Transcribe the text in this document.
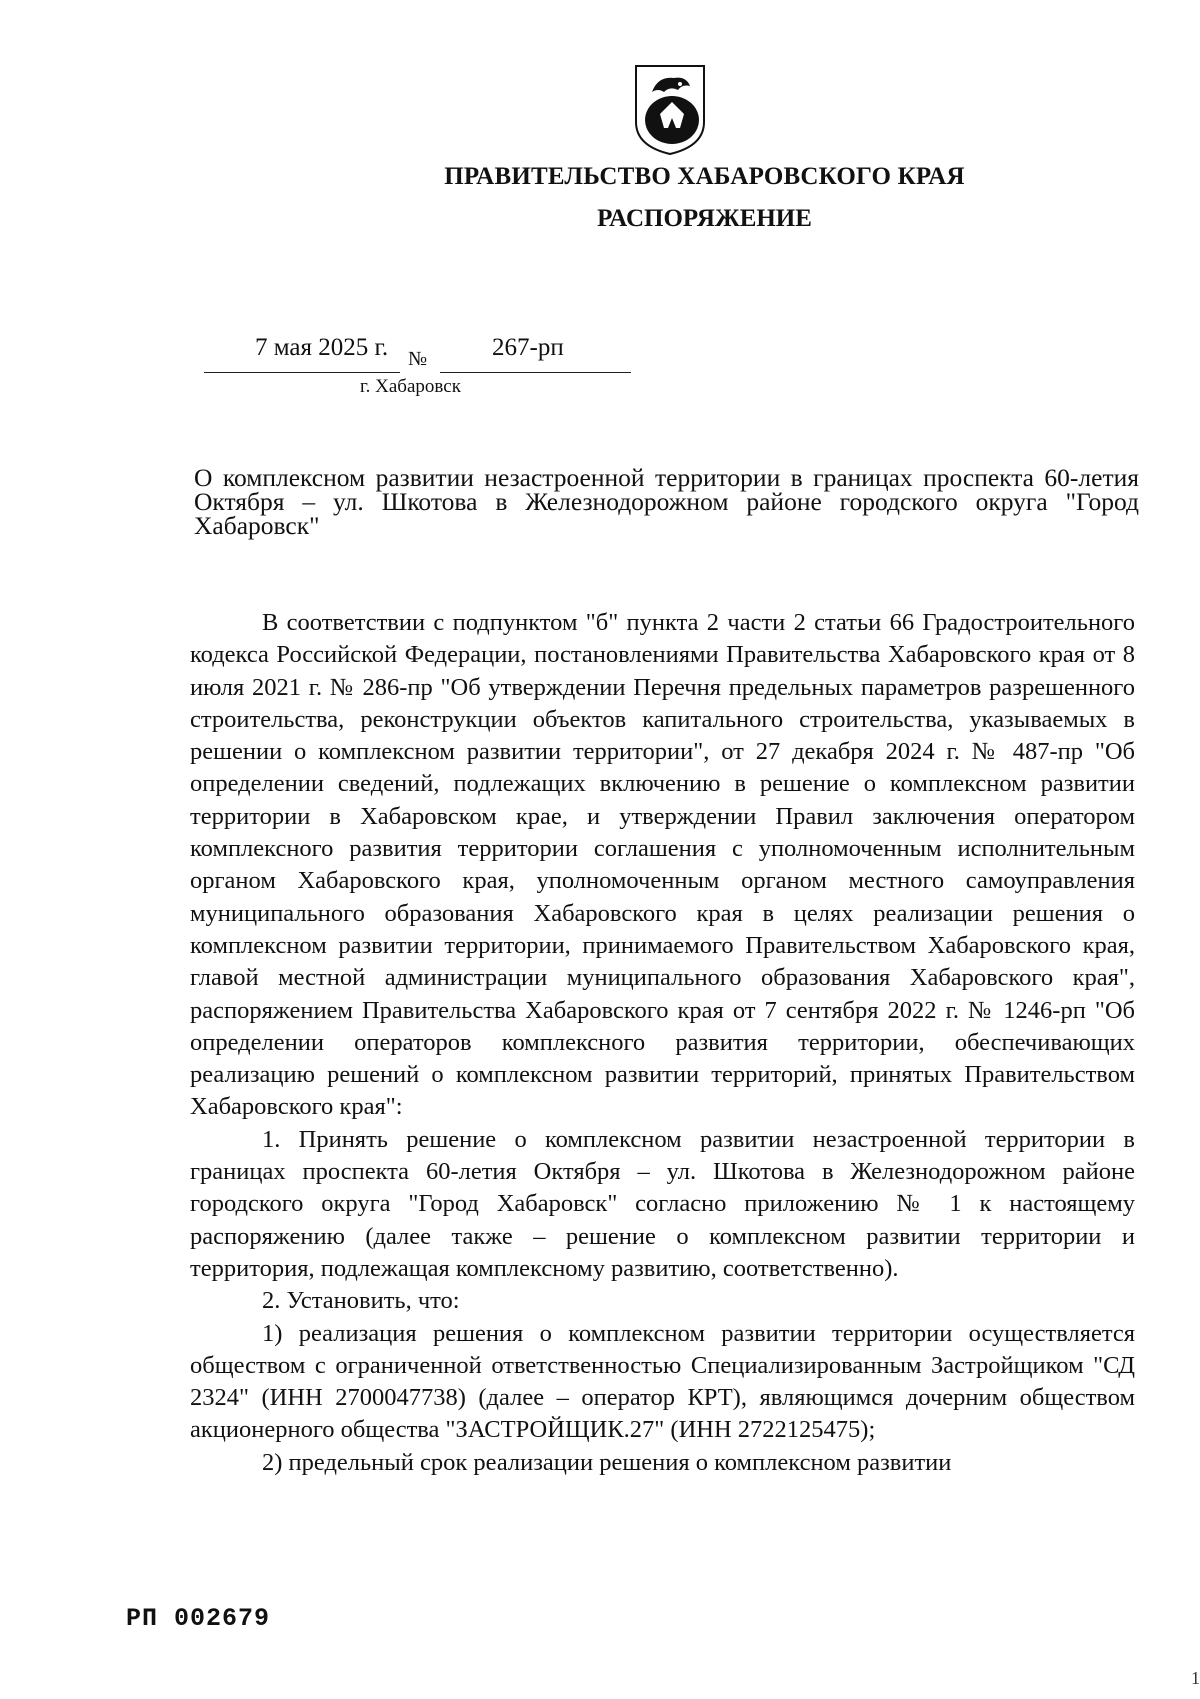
ПРАВИТЕЛЬСТВО ХАБАРОВСКОГО КРАЯ
РАСПОРЯЖЕНИЕ
7 мая 2025 г. №	267-рп
г. Хабаровск
О комплексном развитии незастроенной территории в границах проспекта 60-летия Октября – ул. Шкотова в Железнодорожном районе городского округа "Город Хабаровск"

В соответствии с подпунктом "б" пункта 2 части 2 статьи 66 Градостроительного кодекса Российской Федерации, постановлениями Правительства Хабаровского края от 8 июля 2021 г. № 286-пр "Об утверждении Перечня предельных параметров разрешенного строительства, реконструкции объектов капитального строительства, указываемых в решении о комплексном развитии территории", от 27 декабря 2024 г. № 487-пр "Об определении сведений, подлежащих включению в решение о комплексном развитии территории в Хабаровском крае, и утверждении Правил заключения оператором комплексного развития территории соглашения с уполномоченным исполнительным органом Хабаровского края, уполномоченным органом местного самоуправления муниципального образования Хабаровского края в целях реализации решения о комплексном развитии территории, принимаемого Правительством Хабаровского края, главой местной администрации муниципального образования Хабаровского края", распоряжением Правительства Хабаровского края от 7 сентября 2022 г. № 1246-рп "Об определении операторов комплексного развития территории, обеспечивающих реализацию решений о комплексном развитии территорий, принятых Правительством Хабаровского края":

1. Принять решение о комплексном развитии незастроенной территории в границах проспекта 60-летия Октября – ул. Шкотова в Железнодорожном районе городского округа "Город Хабаровск" согласно приложению № 1 к настоящему распоряжению (далее также – решение о комплексном развитии территории и территория, подлежащая комплексному развитию, соответственно).

2. Установить, что:

1) реализация решения о комплексном развитии территории осуществляется обществом с ограниченной ответственностью Специализированным Застройщиком "СД 2324" (ИНН 2700047738) (далее – оператор КРТ), являющимся дочерним обществом акционерного общества "ЗАСТРОЙЩИК.27" (ИНН 2722125475);

2) предельный срок реализации решения о комплексном развитии

РП 002679
1
